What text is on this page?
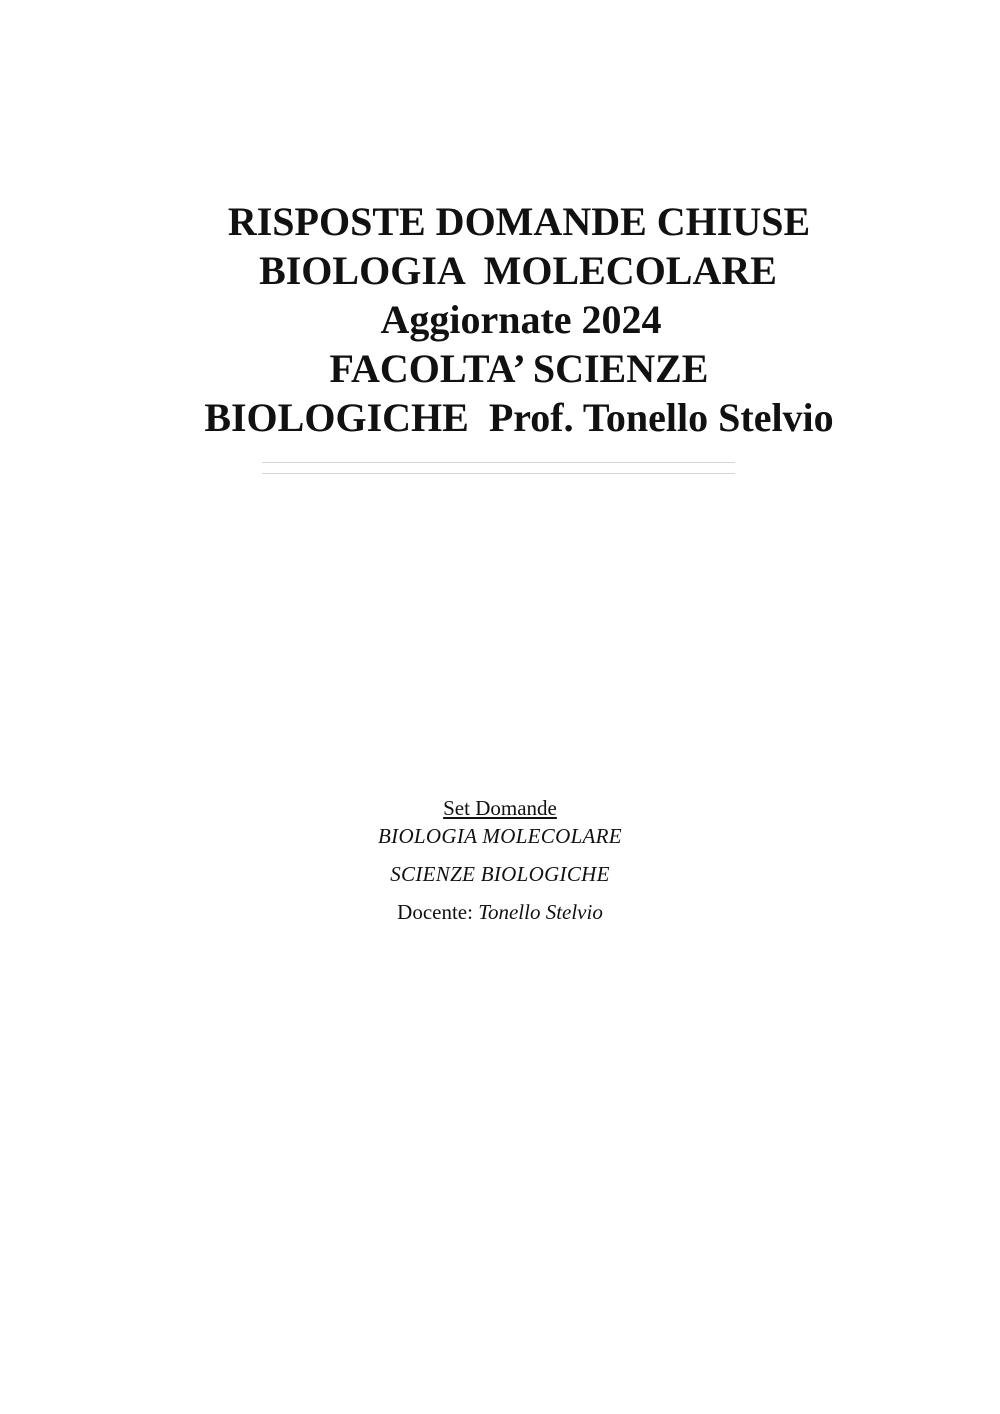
RISPOSTE DOMANDE CHIUSE
BIOLOGIA  MOLECOLARE
Aggiornate 2024
FACOLTA’ SCIENZE
BIOLOGICHE  Prof. Tonello Stelvio
Set Domande
BIOLOGIA MOLECOLARE
SCIENZE BIOLOGICHE
Docente: Tonello Stelvio
